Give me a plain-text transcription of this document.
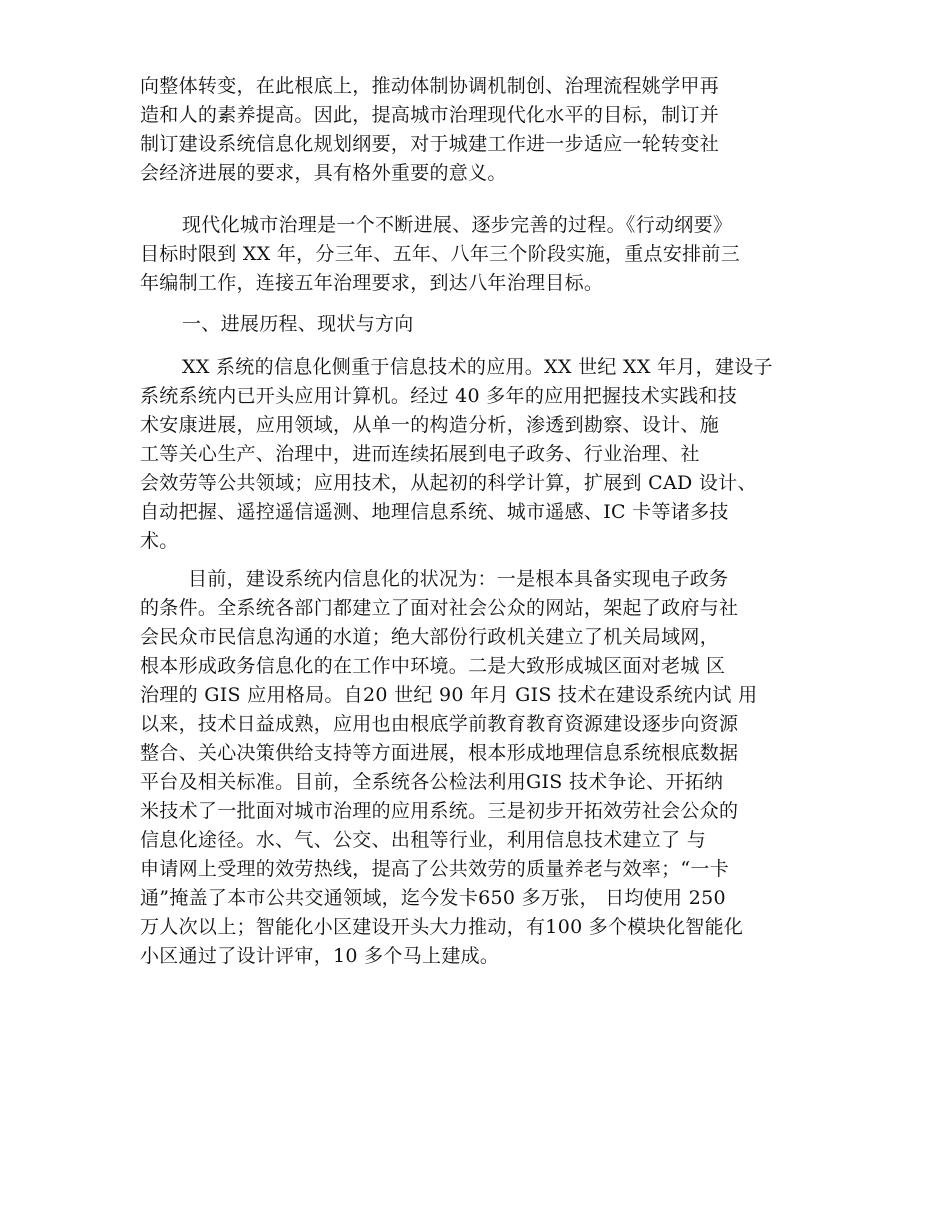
向整体转变，在此根底上，推动体制协调机制创、治理流程姚学甲再
造和人的素养提高。因此，提高城市治理现代化水平的目标，制订并
制订建设系统信息化规划纲要，对于城建工作进一步适应一轮转变社
会经济进展的要求，具有格外重要的意义。
现代化城市治理是一个不断进展、逐步完善的过程。《行动纲要》
目标时限到 XX 年，分三年、五年、八年三个阶段实施，重点安排前三
年编制工作，连接五年治理要求，到达八年治理目标。
一、进展历程、现状与方向
XX 系统的信息化侧重于信息技术的应用。XX 世纪 XX 年月，建设子
系统系统内已开头应用计算机。经过 40 多年的应用把握技术实践和技
术安康进展，应用领域，从单一的构造分析，渗透到勘察、设计、施
工等关心生产、治理中，进而连续拓展到电子政务、行业治理、社
会效劳等公共领域；应用技术，从起初的科学计算，扩展到 CAD 设计、
自动把握、遥控遥信遥测、地理信息系统、城市遥感、IC 卡等诸多技
术。
目前，建设系统内信息化的状况为：一是根本具备实现电子政务
的条件。全系统各部门都建立了面对社会公众的网站，架起了政府与社
会民众市民信息沟通的水道；绝大部份行政机关建立了机关局域网，
根本形成政务信息化的在工作中环境。二是大致形成城区面对老城 区
治理的 GIS 应用格局。自20 世纪 90 年月 GIS 技术在建设系统内试 用
以来，技术日益成熟，应用也由根底学前教育教育资源建设逐步向资源
整合、关心决策供给支持等方面进展，根本形成地理信息系统根底数据
平台及相关标准。目前，全系统各公检法利用GIS 技术争论、开拓纳
米技术了一批面对城市治理的应用系统。三是初步开拓效劳社会公众的
信息化途径。水、气、公交、出租等行业，利用信息技术建立了 与
申请网上受理的效劳热线，提高了公共效劳的质量养老与效率；“一卡
通”掩盖了本市公共交通领域，迄今发卡650 多万张， 日均使用 250
万人次以上；智能化小区建设开头大力推动，有100 多个模块化智能化
小区通过了设计评审，10 多个马上建成。
